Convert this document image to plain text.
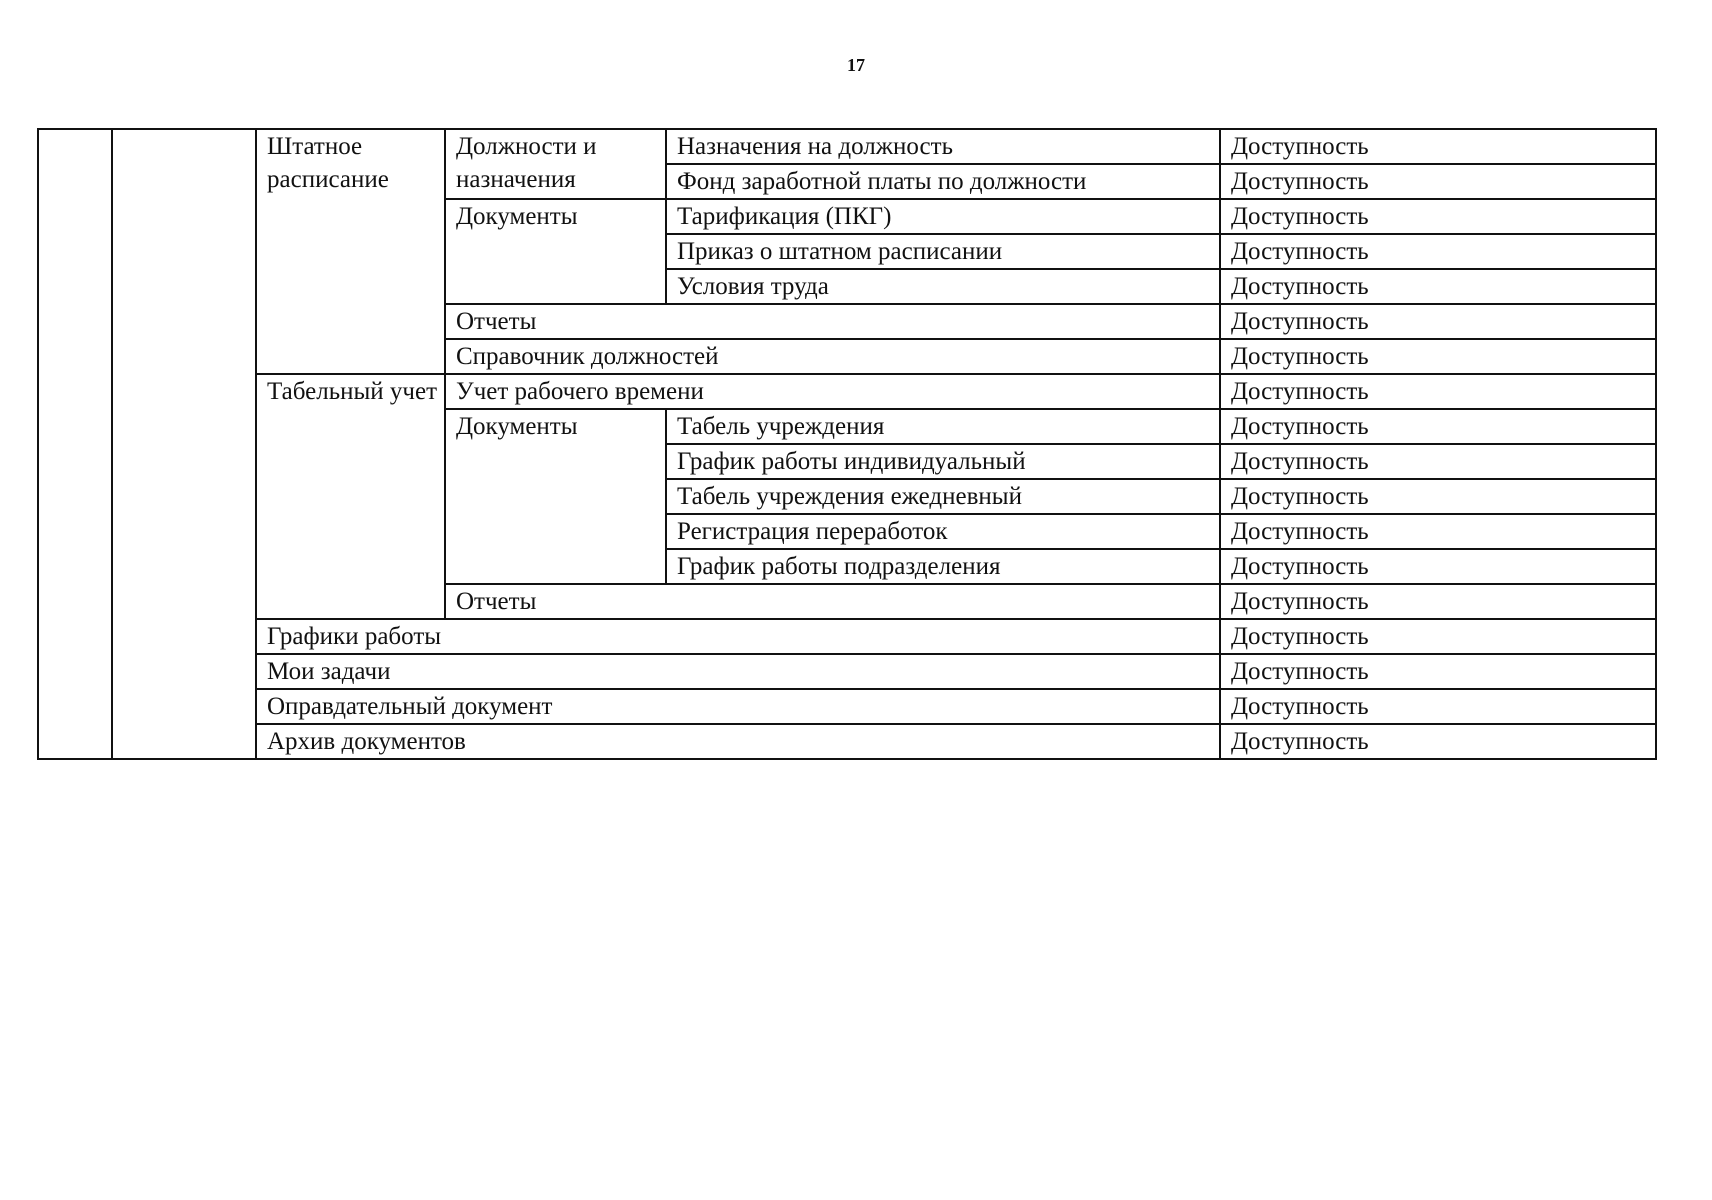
17
		Штатное расписание	Должности и назначения	Назначения на должность	Доступность
				Фонд заработной платы по должности	Доступность
			Документы	Тарификация (ПКГ)	Доступность
				Приказ о штатном расписании	Доступность
				Условия труда	Доступность
			Отчеты		Доступность
			Справочник должностей		Доступность
		Табельный учет	Учет рабочего времени		Доступность
			Документы	Табель учреждения	Доступность
				График работы индивидуальный	Доступность
				Табель учреждения ежедневный	Доступность
				Регистрация переработок	Доступность
				График работы подразделения	Доступность
			Отчеты		Доступность
		Графики работы			Доступность
		Мои задачи			Доступность
		Оправдательный документ			Доступность
		Архив документов			Доступность
